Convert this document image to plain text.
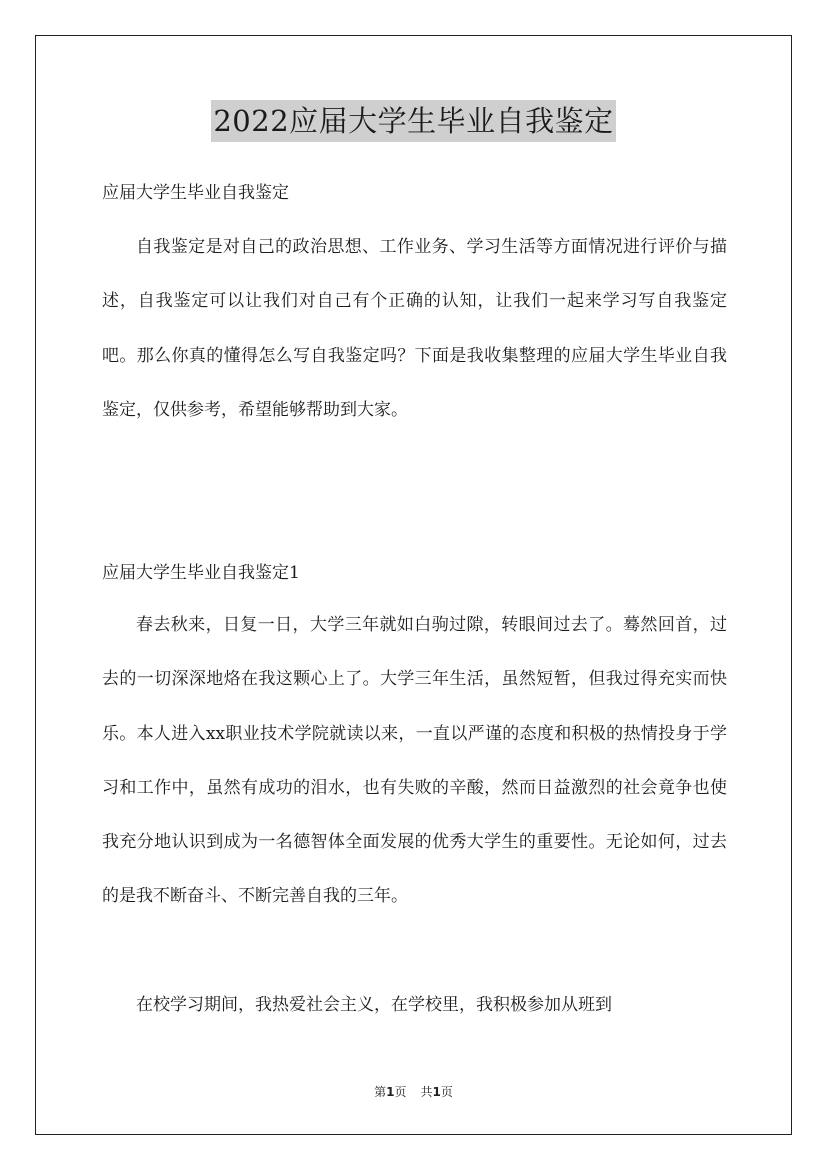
2022应届大学生毕业自我鉴定
应届大学生毕业自我鉴定

自我鉴定是对自己的政治思想、工作业务、学习生活等方面情况进行评价与描述，自我鉴定可以让我们对自己有个正确的认知，让我们一起来学习写自我鉴定吧。那么你真的懂得怎么写自我鉴定吗？下面是我收集整理的应届大学生毕业自我鉴定，仅供参考，希望能够帮助到大家。

应届大学生毕业自我鉴定1

春去秋来，日复一日，大学三年就如白驹过隙，转眼间过去了。蓦然回首，过去的一切深深地烙在我这颗心上了。大学三年生活，虽然短暂，但我过得充实而快乐。本人进入xx职业技术学院就读以来，一直以严谨的态度和积极的热情投身于学习和工作中，虽然有成功的泪水，也有失败的辛酸，然而日益激烈的社会竟争也使我充分地认识到成为一名德智体全面发展的优秀大学生的重要性。无论如何，过去的是我不断奋斗、不断完善自我的三年。

在校学习期间，我热爱社会主义，在学校里，我积极参加从班到

第1页 共1页
